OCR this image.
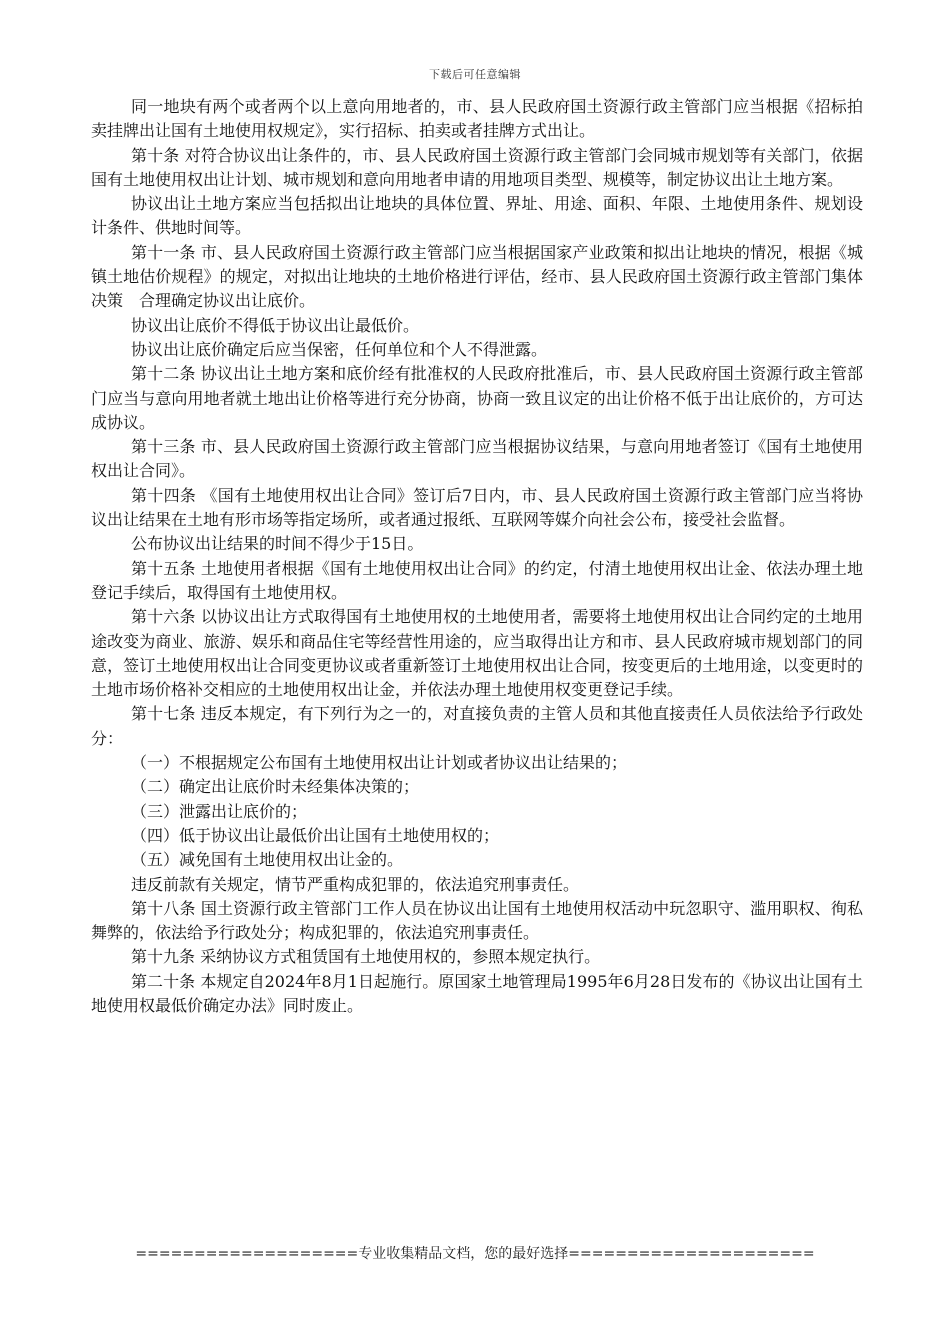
下载后可任意编辑

同一地块有两个或者两个以上意向用地者的，市、县人民政府国土资源行政主管部门应当根据《招标拍卖挂牌出让国有土地使用权规定》，实行招标、拍卖或者挂牌方式出让。

第十条 对符合协议出让条件的，市、县人民政府国土资源行政主管部门会同城市规划等有关部门，依据国有土地使用权出让计划、城市规划和意向用地者申请的用地项目类型、规模等，制定协议出让土地方案。

协议出让土地方案应当包括拟出让地块的具体位置、界址、用途、面积、年限、土地使用条件、规划设计条件、供地时间等。

第十一条 市、县人民政府国土资源行政主管部门应当根据国家产业政策和拟出让地块的情况，根据《城镇土地估价规程》的规定，对拟出让地块的土地价格进行评估，经市、县人民政府国土资源行政主管部门集体决策　合理确定协议出让底价。

协议出让底价不得低于协议出让最低价。

协议出让底价确定后应当保密，任何单位和个人不得泄露。

第十二条 协议出让土地方案和底价经有批准权的人民政府批准后，市、县人民政府国土资源行政主管部门应当与意向用地者就土地出让价格等进行充分协商，协商一致且议定的出让价格不低于出让底价的，方可达成协议。

第十三条 市、县人民政府国土资源行政主管部门应当根据协议结果，与意向用地者签订《国有土地使用权出让合同》。

第十四条 《国有土地使用权出让合同》签订后7日内，市、县人民政府国土资源行政主管部门应当将协议出让结果在土地有形市场等指定场所，或者通过报纸、互联网等媒介向社会公布，接受社会监督。

公布协议出让结果的时间不得少于15日。

第十五条 土地使用者根据《国有土地使用权出让合同》的约定，付清土地使用权出让金、依法办理土地登记手续后，取得国有土地使用权。

第十六条 以协议出让方式取得国有土地使用权的土地使用者，需要将土地使用权出让合同约定的土地用途改变为商业、旅游、娱乐和商品住宅等经营性用途的，应当取得出让方和市、县人民政府城市规划部门的同意，签订土地使用权出让合同变更协议或者重新签订土地使用权出让合同，按变更后的土地用途，以变更时的土地市场价格补交相应的土地使用权出让金，并依法办理土地使用权变更登记手续。

第十七条 违反本规定，有下列行为之一的，对直接负责的主管人员和其他直接责任人员依法给予行政处分：

（一）不根据规定公布国有土地使用权出让计划或者协议出让结果的；

（二）确定出让底价时未经集体决策的；

（三）泄露出让底价的；

（四）低于协议出让最低价出让国有土地使用权的；

（五）减免国有土地使用权出让金的。

违反前款有关规定，情节严重构成犯罪的，依法追究刑事责任。

第十八条 国土资源行政主管部门工作人员在协议出让国有土地使用权活动中玩忽职守、滥用职权、徇私舞弊的，依法给予行政处分；构成犯罪的，依法追究刑事责任。

第十九条 采纳协议方式租赁国有土地使用权的，参照本规定执行。

第二十条 本规定自2024年8月1日起施行。原国家土地管理局1995年6月28日发布的《协议出让国有土地使用权最低价确定办法》同时废止。

===================专业收集精品文档，您的最好选择=====================
